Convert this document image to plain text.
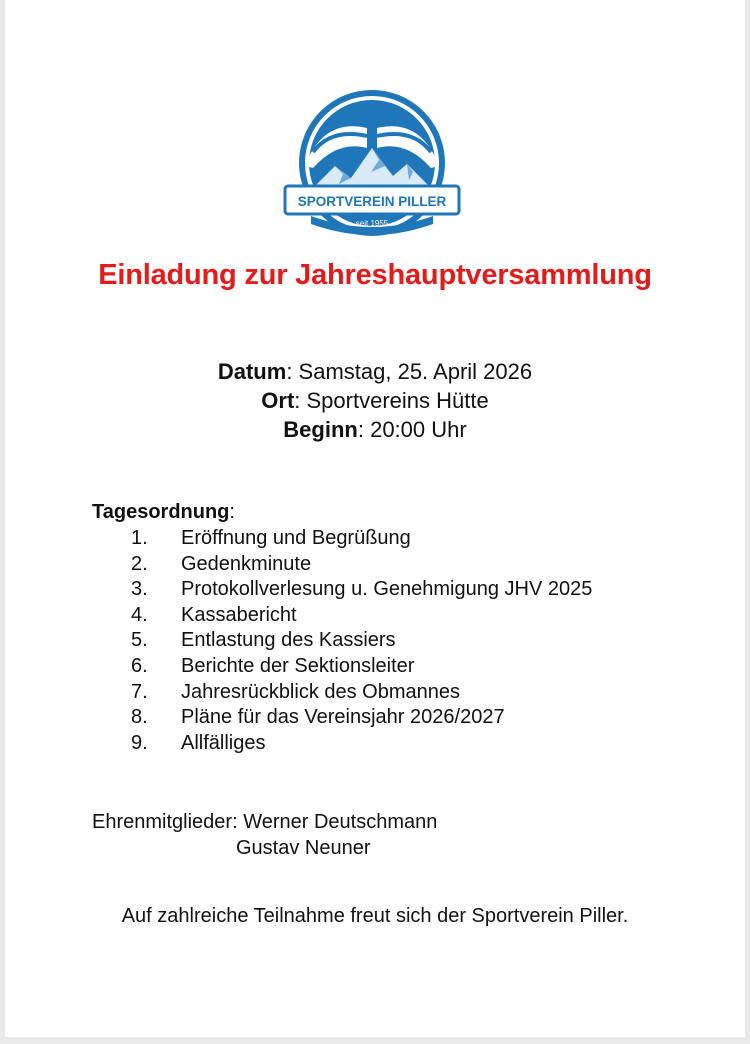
SPORTVEREIN PILLER
seit 1955
Einladung zur Jahreshauptversammlung
Datum: Samstag, 25. April 2026
Ort: Sportvereins Hütte
Beginn: 20:00 Uhr
Tagesordnung:
1.	Eröffnung und Begrüßung
2.	Gedenkminute
3.	Protokollverlesung u. Genehmigung JHV 2025
4.	Kassabericht
5.	Entlastung des Kassiers
6.	Berichte der Sektionsleiter
7.	Jahresrückblick des Obmannes
8.	Pläne für das Vereinsjahr 2026/2027
9.	Allfälliges
Ehrenmitglieder: Werner Deutschmann
Gustav Neuner
Auf zahlreiche Teilnahme freut sich der Sportverein Piller.
